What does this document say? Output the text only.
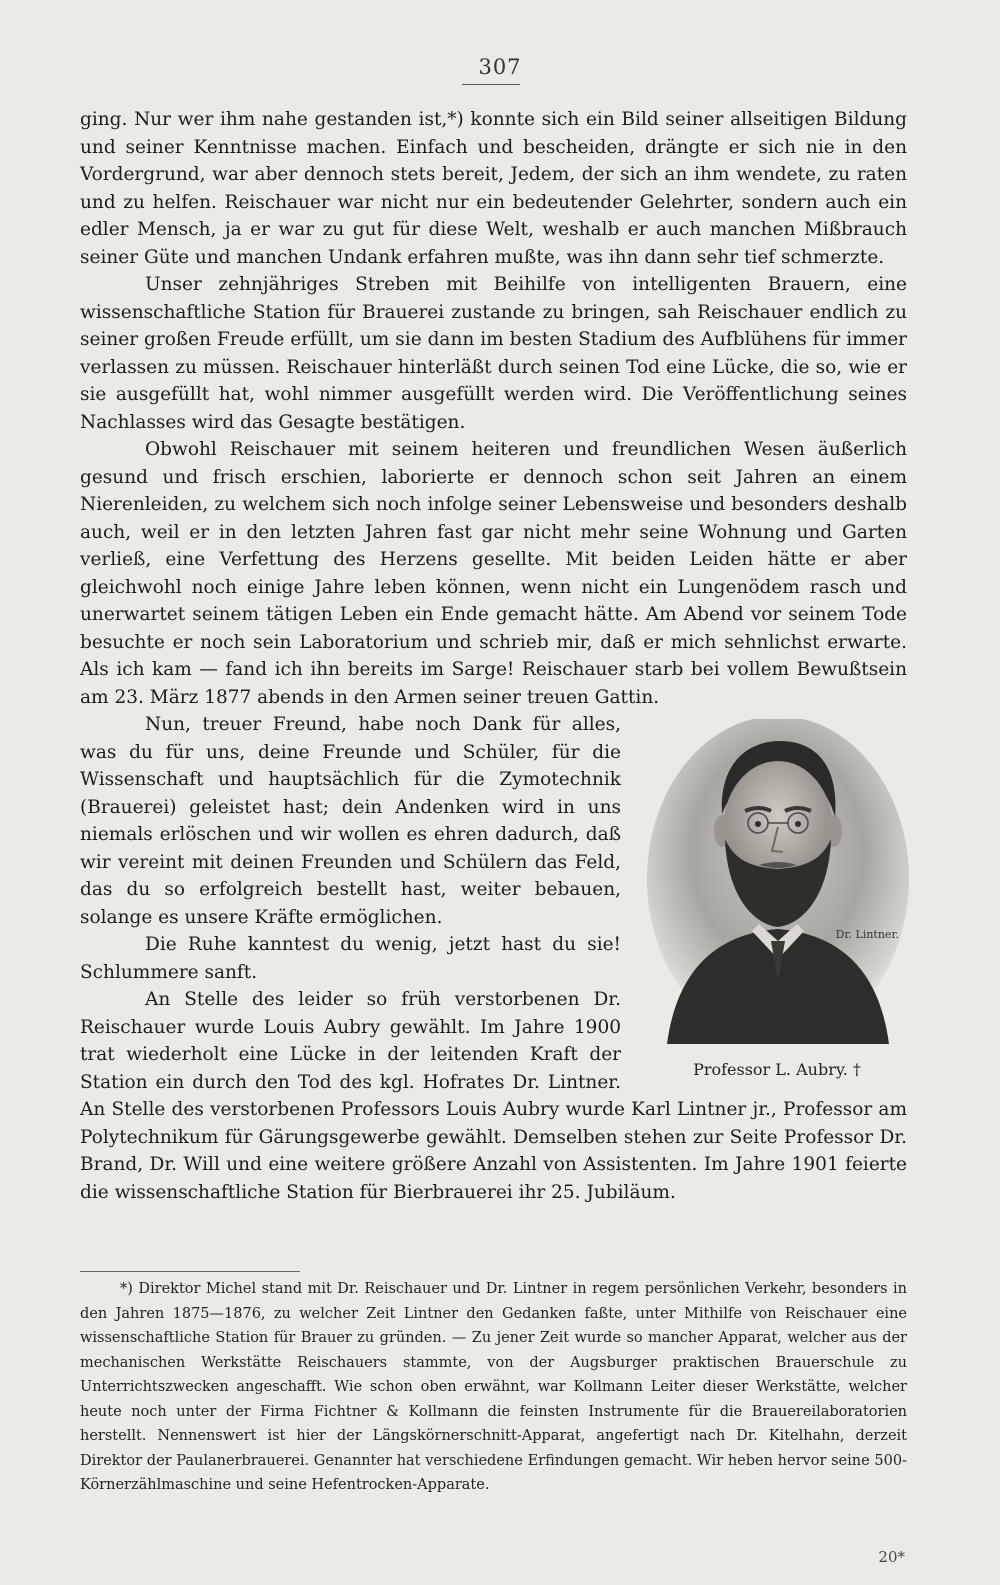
307

ging. Nur wer ihm nahe gestanden ist,*) konnte sich ein Bild seiner allseitigen Bildung und seiner Kenntnisse machen. Einfach und bescheiden, drängte er sich nie in den Vordergrund, war aber dennoch stets bereit, Jedem, der sich an ihm wendete, zu raten und zu helfen. Reischauer war nicht nur ein bedeutender Gelehrter, sondern auch ein edler Mensch, ja er war zu gut für diese Welt, weshalb er auch manchen Mißbrauch seiner Güte und manchen Undank erfahren mußte, was ihn dann sehr tief schmerzte.

Unser zehnjähriges Streben mit Beihilfe von intelligenten Brauern, eine wissenschaftliche Station für Brauerei zustande zu bringen, sah Reischauer endlich zu seiner großen Freude erfüllt, um sie dann im besten Stadium des Aufblühens für immer verlassen zu müssen. Reischauer hinterläßt durch seinen Tod eine Lücke, die so, wie er sie ausgefüllt hat, wohl nimmer ausgefüllt werden wird. Die Veröffentlichung seines Nachlasses wird das Gesagte bestätigen.

Obwohl Reischauer mit seinem heiteren und freundlichen Wesen äußerlich gesund und frisch erschien, laborierte er dennoch schon seit Jahren an einem Nierenleiden, zu welchem sich noch infolge seiner Lebensweise und besonders deshalb auch, weil er in den letzten Jahren fast gar nicht mehr seine Wohnung und Garten verließ, eine Verfettung des Herzens gesellte. Mit beiden Leiden hätte er aber gleichwohl noch einige Jahre leben können, wenn nicht ein Lungenödem rasch und unerwartet seinem tätigen Leben ein Ende gemacht hätte. Am Abend vor seinem Tode besuchte er noch sein Laboratorium und schrieb mir, daß er mich sehnlichst erwarte. Als ich kam — fand ich ihn bereits im Sarge! Reischauer starb bei vollem Bewußtsein am 23. März 1877 abends in den Armen seiner treuen Gattin.

Dr. Lintner.
Professor L. Aubry. †

Nun, treuer Freund, habe noch Dank für alles, was du für uns, deine Freunde und Schüler, für die Wissenschaft und hauptsächlich für die Zymotechnik (Brauerei) geleistet hast; dein Andenken wird in uns niemals erlöschen und wir wollen es ehren dadurch, daß wir vereint mit deinen Freunden und Schülern das Feld, das du so erfolgreich bestellt hast, weiter bebauen, solange es unsere Kräfte ermöglichen.

Die Ruhe kanntest du wenig, jetzt hast du sie! Schlummere sanft.

An Stelle des leider so früh verstorbenen Dr. Reischauer wurde Louis Aubry gewählt. Im Jahre 1900 trat wiederholt eine Lücke in der leitenden Kraft der Station ein durch den Tod des kgl. Hofrates Dr. Lintner. An Stelle des verstorbenen Professors Louis Aubry wurde Karl Lintner jr., Professor am Polytechnikum für Gärungsgewerbe gewählt. Demselben stehen zur Seite Professor Dr. Brand, Dr. Will und eine weitere größere Anzahl von Assistenten. Im Jahre 1901 feierte die wissenschaftliche Station für Bierbrauerei ihr 25. Jubiläum.

*) Direktor Michel stand mit Dr. Reischauer und Dr. Lintner in regem persönlichen Verkehr, besonders in den Jahren 1875—1876, zu welcher Zeit Lintner den Gedanken faßte, unter Mithilfe von Reischauer eine wissenschaftliche Station für Brauer zu gründen. — Zu jener Zeit wurde so mancher Apparat, welcher aus der mechanischen Werkstätte Reischauers stammte, von der Augsburger praktischen Brauerschule zu Unterrichtszwecken angeschafft. Wie schon oben erwähnt, war Kollmann Leiter dieser Werkstätte, welcher heute noch unter der Firma Fichtner & Kollmann die feinsten Instrumente für die Brauereilaboratorien herstellt. Nennenswert ist hier der Längskörnerschnitt-Apparat, angefertigt nach Dr. Kitelhahn, derzeit Direktor der Paulanerbrauerei. Genannter hat verschiedene Erfindungen gemacht. Wir heben hervor seine 500-Körnerzählmaschine und seine Hefentrocken-Apparate.

20*
